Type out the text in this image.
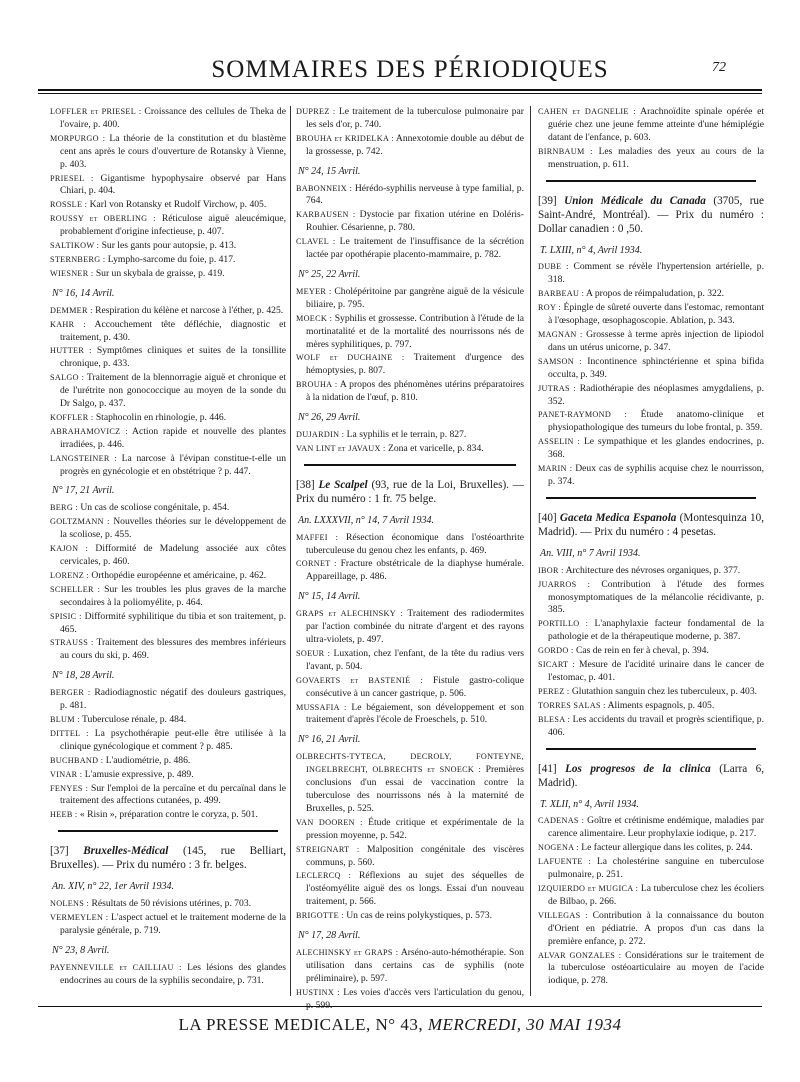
SOMMAIRES DES PÉRIODIQUES	72
LOFFLER et PRIESEL : Croissance des cellules de Theka de l'ovaire, p. 400.
MORPURGO : La théorie de la constitution et du blastème cent ans après le cours d'ouverture de Rotansky à Vienne, p. 403.
PRIESEL : Gigantisme hypophysaire observé par Hans Chiari, p. 404.
ROSSLE : Karl von Rotansky et Rudolf Virchow, p. 405.
ROUSSY et OBERLING : Réticulose aiguë aleucémique, probablement d'origine infectieuse, p. 407.
SALTIKOW : Sur les gants pour autopsie, p. 413.
STERNBERG : Lympho-sarcome du foie, p. 417.
WIESNER : Sur un skybala de graisse, p. 419.
N° 16, 14 Avril.
DEMMER : Respiration du kélène et narcose à l'éther, p. 425.
KAHR : Accouchement tête défléchie, diagnostic et traitement, p. 430.
HUTTER : Symptômes cliniques et suites de la tonsillite chronique, p. 433.
SALGO : Traitement de la blennorragie aiguë et chronique et de l'urétrite non gonococcique au moyen de la sonde du Dr Salgo, p. 437.
KOFFLER : Staphocolin en rhinologie, p. 446.
ABRAHAMOVICZ : Action rapide et nouvelle des plantes irradiées, p. 446.
LANGSTEINER : La narcose à l'évipan constitue-t-elle un progrès en gynécologie et en obstétrique ? p. 447.
N° 17, 21 Avril.
BERG : Un cas de scoliose congénitale, p. 454.
GOLTZMANN : Nouvelles théories sur le développement de la scoliose, p. 455.
KAJON : Difformité de Madelung associée aux côtes cervicales, p. 460.
LORENZ : Orthopédie européenne et américaine, p. 462.
SCHELLER : Sur les troubles les plus graves de la marche secondaires à la poliomyélite, p. 464.
SPISIC : Difformité syphilitique du tibia et son traitement, p. 465.
STRAUSS : Traitement des blessures des membres inférieurs au cours du ski, p. 469.
N° 18, 28 Avril.
BERGER : Radiodiagnostic négatif des douleurs gastriques, p. 481.
BLUM : Tuberculose rénale, p. 484.
DITTEL : La psychothérapie peut-elle être utilisée à la clinique gynécologique et comment ? p. 485.
BUCHBAND : L'audiométrie, p. 486.
VINAR : L'amusie expressive, p. 489.
FENYES : Sur l'emploi de la percaïne et du percaïnal dans le traitement des affections cutanées, p. 499.
HEEB : « Risin », préparation contre le coryza, p. 501.
[37] Bruxelles-Médical (145, rue Belliart, Bruxelles). — Prix du numéro : 3 fr. belges.
An. XIV, n° 22, 1er Avril 1934.
NOLENS : Résultats de 50 révisions utérines, p. 703.
VERMEYLEN : L'aspect actuel et le traitement moderne de la paralysie générale, p. 719.
N° 23, 8 Avril.
PAYENNEVILLE et CAILLIAU : Les lésions des glandes endocrines au cours de la syphilis secondaire, p. 731.
DUPREZ : Le traitement de la tuberculose pulmonaire par les sels d'or, p. 740.
BROUHA et KRIDELKA : Annexotomie double au début de la grossesse, p. 742.
N° 24, 15 Avril.
BABONNEIX : Hérédo-syphilis nerveuse à type familial, p. 764.
KARBAUSEN : Dystocie par fixation utérine en Doléris-Rouhier. Césarienne, p. 780.
CLAVEL : Le traitement de l'insuffisance de la sécrétion lactée par opothérapie placento-mammaire, p. 782.
N° 25, 22 Avril.
MEYER : Cholépéritoine par gangrène aiguë de la vésicule biliaire, p. 795.
MOECK : Syphilis et grossesse. Contribution à l'étude de la mortinatalité et de la mortalité des nourrissons nés de mères syphilitiques, p. 797.
WOLF et DUCHAINE : Traitement d'urgence des hémoptysies, p. 807.
BROUHA : A propos des phénomènes utérins préparatoires à la nidation de l'œuf, p. 810.
N° 26, 29 Avril.
DUJARDIN : La syphilis et le terrain, p. 827.
VAN LINT et JAVAUX : Zona et varicelle, p. 834.
[38] Le Scalpel (93, rue de la Loi, Bruxelles). — Prix du numéro : 1 fr. 75 belge.
An. LXXXVII, n° 14, 7 Avril 1934.
MAFFEI : Résection économique dans l'ostéoarthrite tuberculeuse du genou chez les enfants, p. 469.
CORNET : Fracture obstétricale de la diaphyse humérale. Appareillage, p. 486.
N° 15, 14 Avril.
GRAPS et ALECHINSKY : Traitement des radiodermites par l'action combinée du nitrate d'argent et des rayons ultra-violets, p. 497.
SOEUR : Luxation, chez l'enfant, de la tête du radius vers l'avant, p. 504.
GOVAERTS et BASTENIÉ : Fistule gastro-colique consécutive à un cancer gastrique, p. 506.
MUSSAFIA : Le bégaiement, son développement et son traitement d'après l'école de Froeschels, p. 510.
N° 16, 21 Avril.
OLBRECHTS-TYTECA, DECROLY, FONTEYNE, INGELBRECHT, OLBRECHTS et SNOECK : Premières conclusions d'un essai de vaccination contre la tuberculose des nourrissons nés à la maternité de Bruxelles, p. 525.
VAN DOOREN : Étude critique et expérimentale de la pression moyenne, p. 542.
STREIGNART : Malposition congénitale des viscères communs, p. 560.
LECLERCQ : Réflexions au sujet des séquelles de l'ostéomyélite aiguë des os longs. Essai d'un nouveau traitement, p. 566.
BRIGOTTE : Un cas de reins polykystiques, p. 573.
N° 17, 28 Avril.
ALECHINSKY et GRAPS : Arséno-auto-hémothérapie. Son utilisation dans certains cas de syphilis (note préliminaire), p. 597.
HUSTINX : Les voies d'accès vers l'articulation du genou, p. 599.
CAHEN et DAGNELIE : Arachnoïdite spinale opérée et guérie chez une jeune femme atteinte d'une hémiplégie datant de l'enfance, p. 603.
BIRNBAUM : Les maladies des yeux au cours de la menstruation, p. 611.
[39] Union Médicale du Canada (3705, rue Saint-André, Montréal). — Prix du numéro : Dollar canadien : 0 ,50.
T. LXIII, n° 4, Avril 1934.
DUBE : Comment se révèle l'hypertension artérielle, p. 318.
BARBEAU : A propos de réimpaludation, p. 322.
ROY : Épingle de sûreté ouverte dans l'estomac, remontant à l'œsophage, œsophagoscopie. Ablation, p. 343.
MAGNAN : Grossesse à terme après injection de lipiodol dans un utérus unicorne, p. 347.
SAMSON : Incontinence sphinctérienne et spina bifida occulta, p. 349.
JUTRAS : Radiothérapie des néoplasmes amygdaliens, p. 352.
PANET-RAYMOND : Étude anatomo-clinique et physiopathologique des tumeurs du lobe frontal, p. 359.
ASSELIN : Le sympathique et les glandes endocrines, p. 368.
MARIN : Deux cas de syphilis acquise chez le nourrisson, p. 374.
[40] Gaceta Medica Espanola (Montesquinza 10, Madrid). — Prix du numéro : 4 pesetas.
An. VIII, n° 7 Avril 1934.
IBOR : Architecture des névroses organiques, p. 377.
JUARROS : Contribution à l'étude des formes monosymptomatiques de la mélancolie récidivante, p. 385.
PORTILLO : L'anaphylaxie facteur fondamental de la pathologie et de la thérapeutique moderne, p. 387.
GORDO : Cas de rein en fer à cheval, p. 394.
SICART : Mesure de l'acidité urinaire dans le cancer de l'estomac, p. 401.
PEREZ : Glutathion sanguin chez les tuberculeux, p. 403.
TORRES SALAS : Aliments espagnols, p. 405.
BLESA : Les accidents du travail et progrès scientifique, p. 406.
[41] Los progresos de la clinica (Larra 6, Madrid).
T. XLII, n° 4, Avril 1934.
CADENAS : Goître et crétinisme endémique, maladies par carence alimentaire. Leur prophylaxie iodique, p. 217.
NOGENA : Le facteur allergique dans les colites, p. 244.
LAFUENTE : La cholestérine sanguine en tuberculose pulmonaire, p. 251.
IZQUIERDO et MUGICA : La tuberculose chez les écoliers de Bilbao, p. 266.
VILLEGAS : Contribution à la connaissance du bouton d'Orient en pédiatrie. A propos d'un cas dans la première enfance, p. 272.
ALVAR GONZALES : Considérations sur le traitement de la tuberculose ostéoarticulaire au moyen de l'acide iodique, p. 278.
LA PRESSE MEDICALE, N° 43, MERCREDI, 30 MAI 1934
